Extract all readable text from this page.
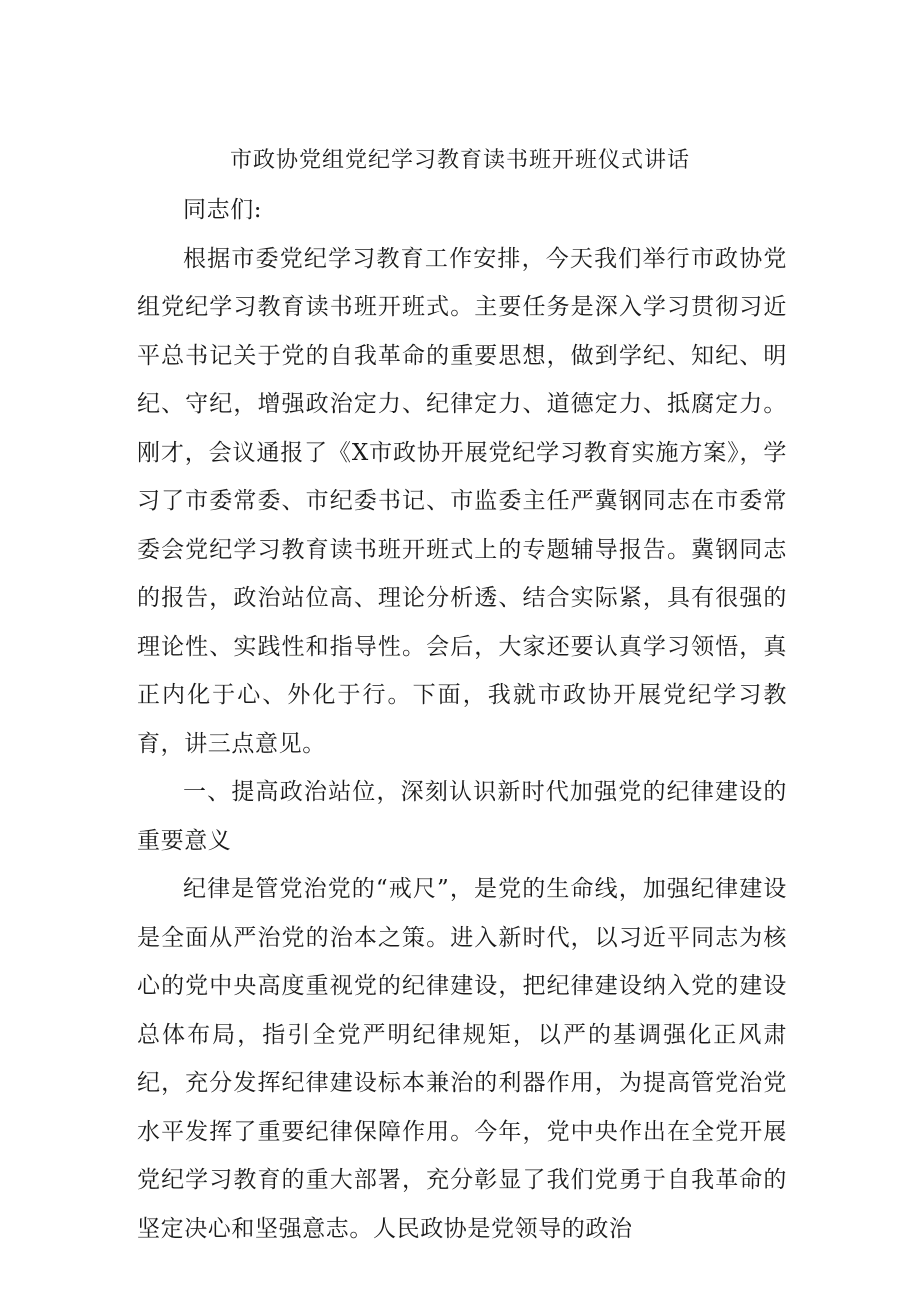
市政协党组党纪学习教育读书班开班仪式讲话

同志们:

根据市委党纪学习教育工作安排，今天我们举行市政协党组党纪学习教育读书班开班式。主要任务是深入学习贯彻习近平总书记关于党的自我革命的重要思想，做到学纪、知纪、明纪、守纪，增强政治定力、纪律定力、道德定力、抵腐定力。刚才，会议通报了《X市政协开展党纪学习教育实施方案》，学习了市委常委、市纪委书记、市监委主任严冀钢同志在市委常委会党纪学习教育读书班开班式上的专题辅导报告。冀钢同志的报告，政治站位高、理论分析透、结合实际紧，具有很强的理论性、实践性和指导性。会后，大家还要认真学习领悟，真正内化于心、外化于行。下面，我就市政协开展党纪学习教育，讲三点意见。

一、提高政治站位，深刻认识新时代加强党的纪律建设的重要意义

纪律是管党治党的“戒尺”，是党的生命线，加强纪律建设是全面从严治党的治本之策。进入新时代，以习近平同志为核心的党中央高度重视党的纪律建设，把纪律建设纳入党的建设总体布局，指引全党严明纪律规矩，以严的基调强化正风肃纪，充分发挥纪律建设标本兼治的利器作用，为提高管党治党水平发挥了重要纪律保障作用。今年，党中央作出在全党开展党纪学习教育的重大部署，充分彰显了我们党勇于自我革命的坚定决心和坚强意志。人民政协是党领导的政治
